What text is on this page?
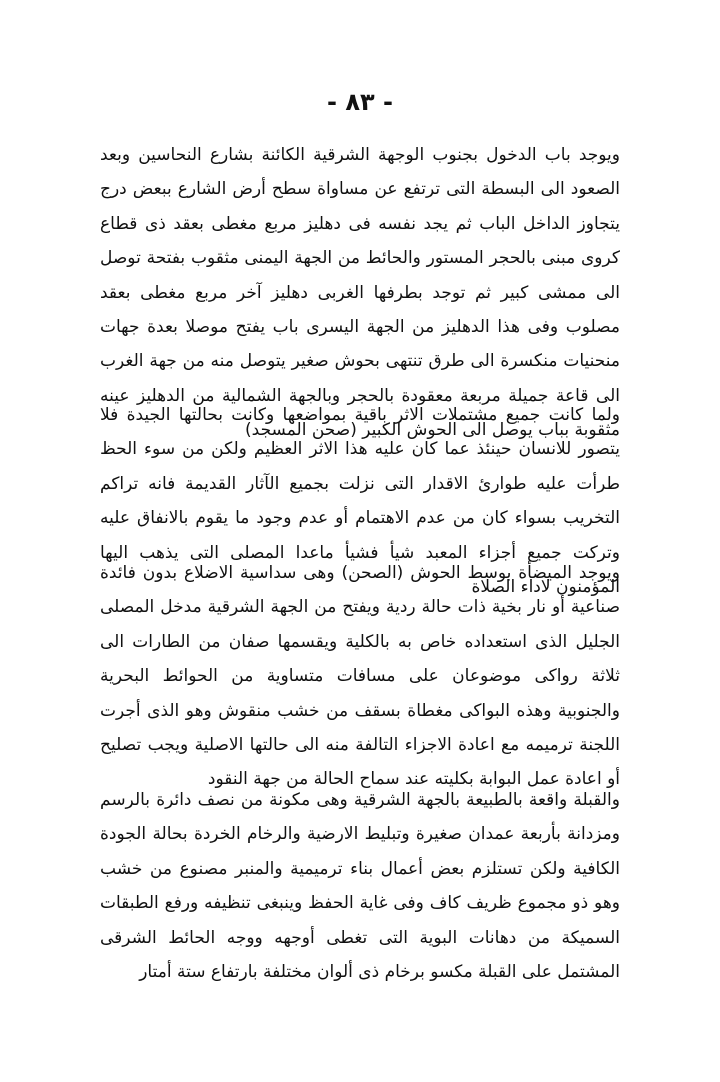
- ٨٣ -
ويوجد باب الدخول بجنوب الوجهة الشرقية الكائنة بشارع النحاسين وبعد الصعود الى البسطة التى ترتفع عن مساواة سطح أرض الشارع ببعض درج يتجاوز الداخل الباب ثم يجد نفسه فى دهليز مربع مغطى بعقد ذى قطاع كروى مبنى بالحجر المستور والحائط من الجهة اليمنى مثقوب بفتحة توصل الى ممشى كبير ثم توجد بطرفها الغربى دهليز آخر مربع مغطى بعقد مصلوب وفى هذا الدهليز من الجهة اليسرى باب يفتح موصلا بعدة جهات منحنيات منكسرة الى طرق تنتهى بحوش صغير يتوصل منه من جهة الغرب الى قاعة جميلة مربعة معقودة بالحجر وبالجهة الشمالية من الدهليز عينه مثقوبة بباب يوصل الى الحوش الكبير (صحن المسجد)
ولما كانت جميع مشتملات الاثر باقية بمواضعها وكانت بحالتها الجيدة فلا يتصور للانسان حينئذ عما كان عليه هذا الاثر العظيم ولكن من سوء الحظ طرأت عليه طوارئ الاقدار التى نزلت بجميع الآثار القديمة فانه تراكم التخريب بسواء كان من عدم الاهتمام أو عدم وجود ما يقوم بالانفاق عليه وتركت جميع أجزاء المعبد شيأ فشيأ ماعدا المصلى التى يذهب اليها المؤمنون لاداء الصلاة
ويوجد الميضأة بوسط الحوش (الصحن) وهى سداسية الاضلاع بدون فائدة صناعية أو نار بخية ذات حالة ردية ويفتح من الجهة الشرقية مدخل المصلى الجليل الذى استعداده خاص به بالكلية ويقسمها صفان من الطارات الى ثلاثة رواكى موضوعان على مسافات متساوية من الحوائط البحرية والجنوبية وهذه البواكى مغطاة بسقف من خشب منقوش وهو الذى أجرت اللجنة ترميمه مع اعادة الاجزاء التالفة منه الى حالتها الاصلية ويجب تصليح أو اعادة عمل البوابة بكليته عند سماح الحالة من جهة النقود
والقبلة واقعة بالطبيعة بالجهة الشرقية وهى مكونة من نصف دائرة بالرسم ومزدانة بأربعة عمدان صغيرة وتبليط الارضية والرخام الخردة بحالة الجودة الكافية ولكن تستلزم بعض أعمال بناء ترميمية والمنبر مصنوع من خشب وهو ذو مجموع ظريف كاف وفى غاية الحفظ وينبغى تنظيفه ورفع الطبقات السميكة من دهانات البوية التى تغطى أوجهه ووجه الحائط الشرقى المشتمل على القبلة مكسو برخام ذى ألوان مختلفة بارتفاع ستة أمتار
